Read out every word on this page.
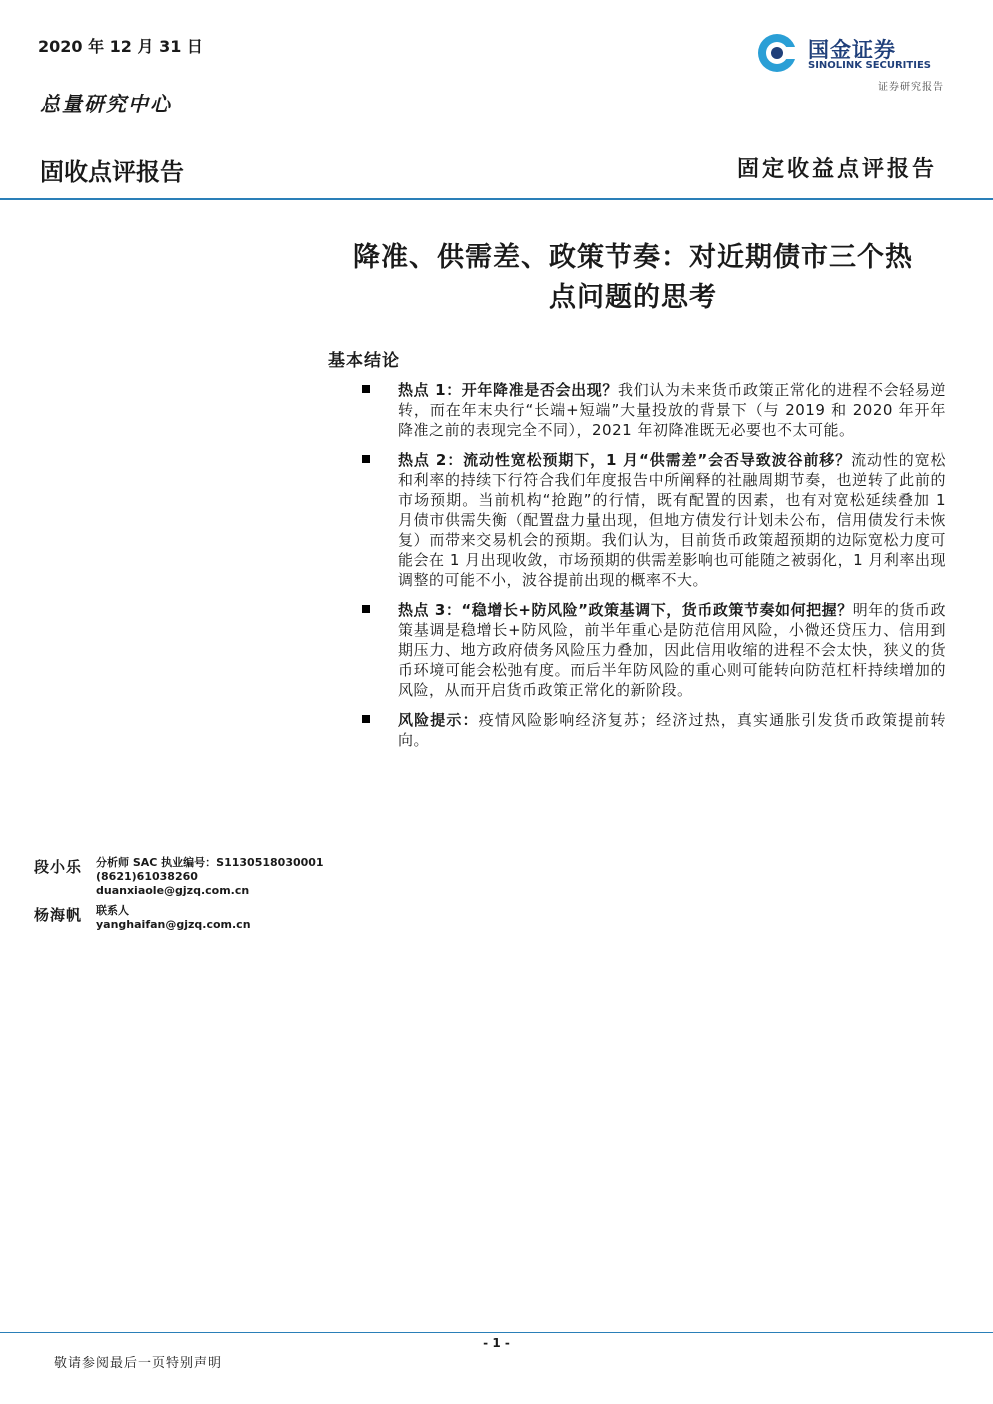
2020 年 12 月 31 日
总量研究中心
固收点评报告	固定收益点评报告
国金证券
SINOLINK SECURITIES
证券研究报告
降准、供需差、政策节奏：对近期债市三个热
点问题的思考
基本结论
热点 1：开年降准是否会出现？我们认为未来货币政策正常化的进程不会轻易逆转，而在年末央行“长端+短端”大量投放的背景下（与 2019 和 2020 年开年降准之前的表现完全不同），2021 年初降准既无必要也不太可能。
热点 2：流动性宽松预期下，1 月“供需差”会否导致波谷前移？流动性的宽松和利率的持续下行符合我们年度报告中所阐释的社融周期节奏，也逆转了此前的市场预期。当前机构“抢跑”的行情，既有配置的因素，也有对宽松延续叠加 1 月债市供需失衡（配置盘力量出现，但地方债发行计划未公布，信用债发行未恢复）而带来交易机会的预期。我们认为，目前货币政策超预期的边际宽松力度可能会在 1 月出现收敛，市场预期的供需差影响也可能随之被弱化，1 月利率出现调整的可能不小，波谷提前出现的概率不大。
热点 3：“稳增长+防风险”政策基调下，货币政策节奏如何把握？明年的货币政策基调是稳增长+防风险，前半年重心是防范信用风险，小微还贷压力、信用到期压力、地方政府债务风险压力叠加，因此信用收缩的进程不会太快，狭义的货币环境可能会松弛有度。而后半年防风险的重心则可能转向防范杠杆持续增加的风险，从而开启货币政策正常化的新阶段。
风险提示：疫情风险影响经济复苏；经济过热，真实通胀引发货币政策提前转向。
段小乐 分析师 SAC 执业编号：S1130518030001
(8621)61038260
duanxiaole@gjzq.com.cn
杨海帆 联系人
yanghaifan@gjzq.com.cn
- 1 -
敬请参阅最后一页特别声明
